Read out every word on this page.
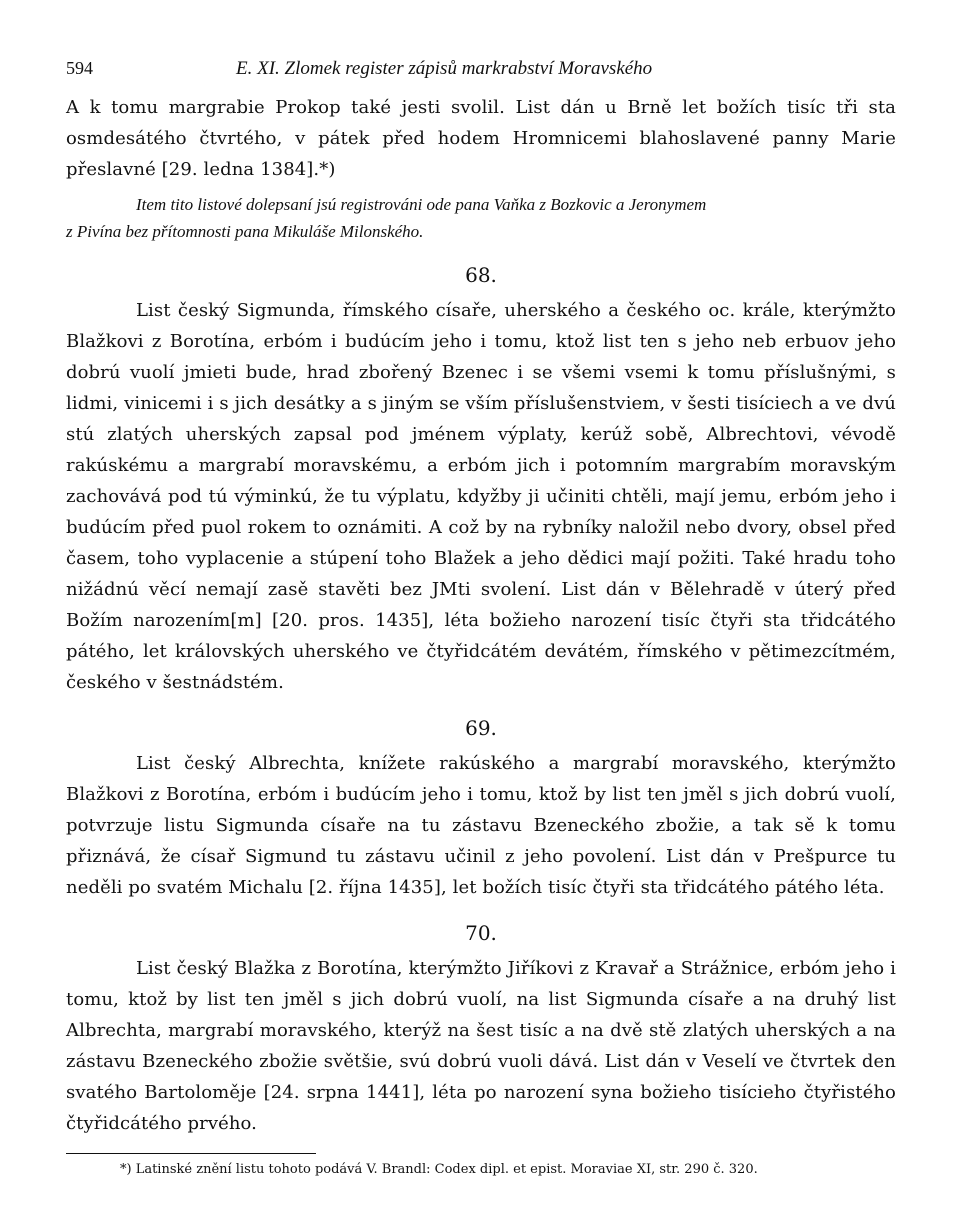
594	E. XI. Zlomek register zápisů markrabství Moravského

A k tomu margrabie Prokop také jesti svolil. List dán u Brně let božích tisíc tři sta osmdesátého čtvrtého, v pátek před hodem Hromnicemi blahoslavené panny Marie přeslavné [29. ledna 1384].*)

Item tito listové dolepsaní jsú registrováni ode pana Vaňka z Bozkovic a Jeronymem
z Pivína bez přítomnosti pana Mikuláše Milonského.

68.

List český Sigmunda, římského císaře, uherského a českého oc. krále, kterýmžto Blažkovi z Borotína, erbóm i budúcím jeho i tomu, ktož list ten s jeho neb erbuov jeho dobrú vuolí jmieti bude, hrad zbořený Bzenec i se všemi vsemi k tomu příslušnými, s lidmi, vinicemi i s jich desátky a s jiným se vším příslušenstviem, v šesti tisíciech a ve dvú stú zlatých uherských zapsal pod jménem výplaty, kerúž sobě, Albrechtovi, vévodě rakúskému a margrabí moravskému, a erbóm jich i potomním margrabím moravským zachovává pod tú výminkú, že tu výplatu, kdyžby ji učiniti chtěli, mají jemu, erbóm jeho i budúcím před puol rokem to oznámiti. A což by na rybníky naložil nebo dvory, obsel před časem, toho vyplacenie a stúpení toho Blažek a jeho dědici mají požiti. Také hradu toho nižádnú věcí nemají zasě stavěti bez JMti svolení. List dán v Bělehradě v úterý před Božím narozením[m] [20. pros. 1435], léta božieho narození tisíc čtyři sta třidcátého pátého, let královských uherského ve čtyřidcátém devátém, římského v pětimezcítmém, českého v šestnádstém.

69.

List český Albrechta, knížete rakúského a margrabí moravského, kterýmžto Blažkovi z Borotína, erbóm i budúcím jeho i tomu, ktož by list ten jměl s jich dobrú vuolí, potvrzuje listu Sigmunda císaře na tu zástavu Bzeneckého zbožie, a tak sě k tomu přiznává, že císař Sigmund tu zástavu učinil z jeho povolení. List dán v Prešpurce tu neděli po svatém Michalu [2. října 1435], let božích tisíc čtyři sta třidcátého pátého léta.

70.

List český Blažka z Borotína, kterýmžto Jiříkovi z Kravař a Strážnice, erbóm jeho i tomu, ktož by list ten jměl s jich dobrú vuolí, na list Sigmunda císaře a na druhý list Albrechta, margrabí moravského, kterýž na šest tisíc a na dvě stě zlatých uherských a na zástavu Bzeneckého zbožie světšie, svú dobrú vuoli dává. List dán v Veselí ve čtvrtek den svatého Bartoloměje [24. srpna 1441], léta po narození syna božieho tisícieho čtyřistého čtyřidcátého prvého.

*) Latinské znění listu tohoto podává V. Brandl: Codex dipl. et epist. Moraviae XI, str. 290 č. 320.
